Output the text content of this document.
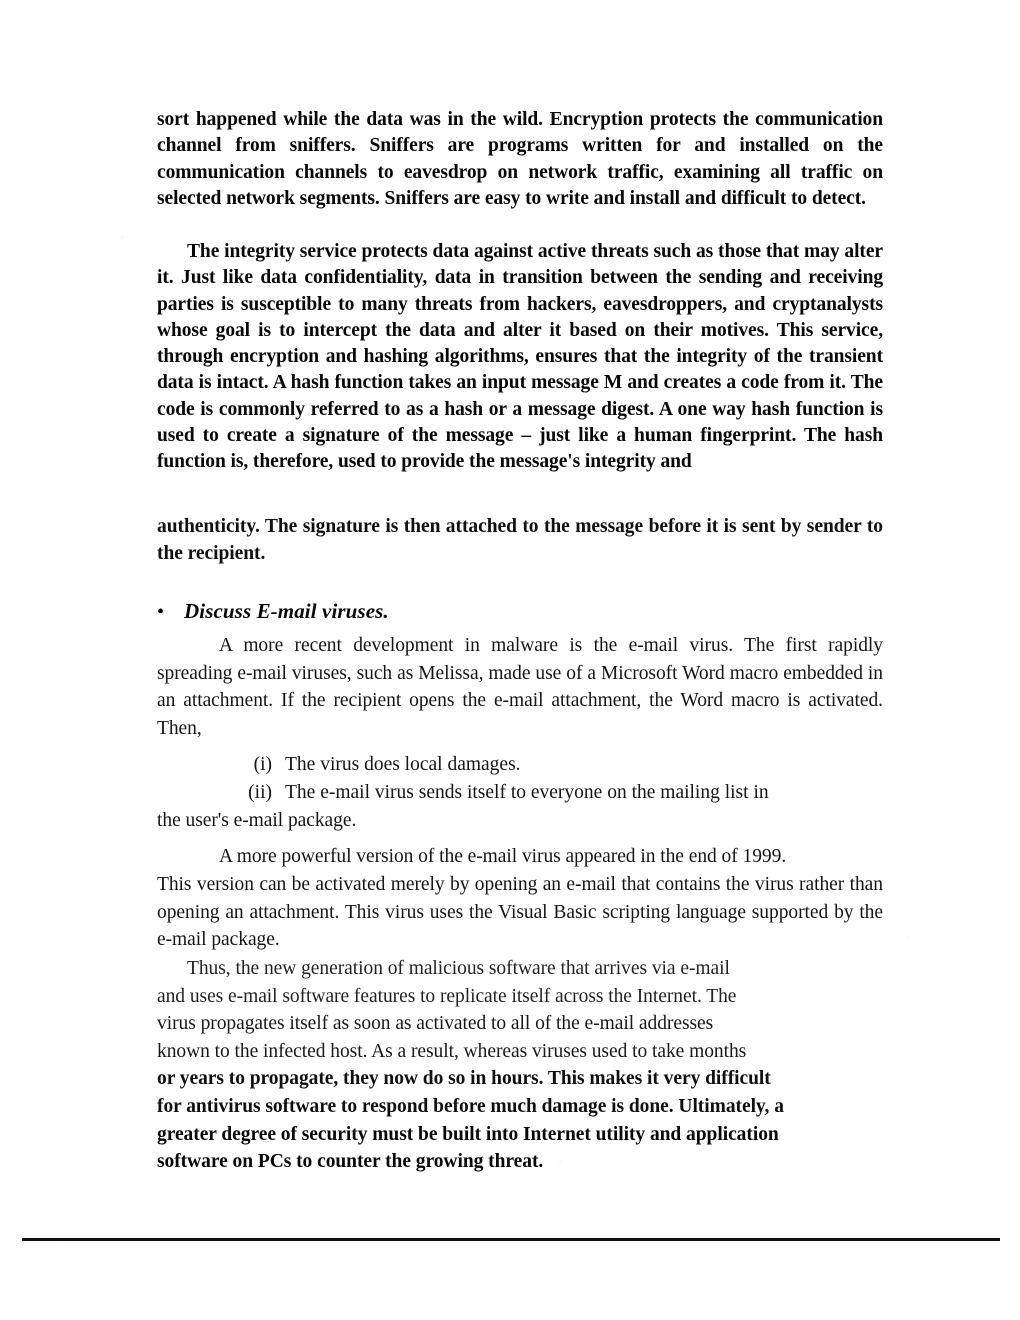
sort happened while the data was in the wild. Encryption protects the communication channel from sniffers. Sniffers are programs written for and installed on the communication channels to eavesdrop on network traffic, examining all traffic on selected network segments. Sniffers are easy to write and install and difficult to detect.

The integrity service protects data against active threats such as those that may alter it. Just like data confidentiality, data in transition between the sending and receiving parties is susceptible to many threats from hackers, eavesdroppers, and cryptanalysts whose goal is to intercept the data and alter it based on their motives. This service, through encryption and hashing algorithms, ensures that the integrity of the transient data is intact. A hash function takes an input message M and creates a code from it. The code is commonly referred to as a hash or a message digest. A one way hash function is used to create a signature of the message – just like a human fingerprint. The hash function is, therefore, used to provide the message's integrity and

authenticity. The signature is then attached to the message before it is sent by sender to the recipient.

• Discuss E-mail viruses.

A more recent development in malware is the e-mail virus. The first rapidly spreading e-mail viruses, such as Melissa, made use of a Microsoft Word macro embedded in an attachment. If the recipient opens the e-mail attachment, the Word macro is activated. Then,

(i) The virus does local damages.
(ii) The e-mail virus sends itself to everyone on the mailing list in

the user's e-mail package.

A more powerful version of the e-mail virus appeared in the end of 1999.

This version can be activated merely by opening an e-mail that contains the virus rather than opening an attachment. This virus uses the Visual Basic scripting language supported by the e-mail package.

Thus, the new generation of malicious software that arrives via e-mail

and uses e-mail software features to replicate itself across the Internet. The

virus propagates itself as soon as activated to all of the e-mail addresses

known to the infected host. As a result, whereas viruses used to take months

or years to propagate, they now do so in hours. This makes it very difficult

for antivirus software to respond before much damage is done. Ultimately, a

greater degree of security must be built into Internet utility and application

software on PCs to counter the growing threat.
